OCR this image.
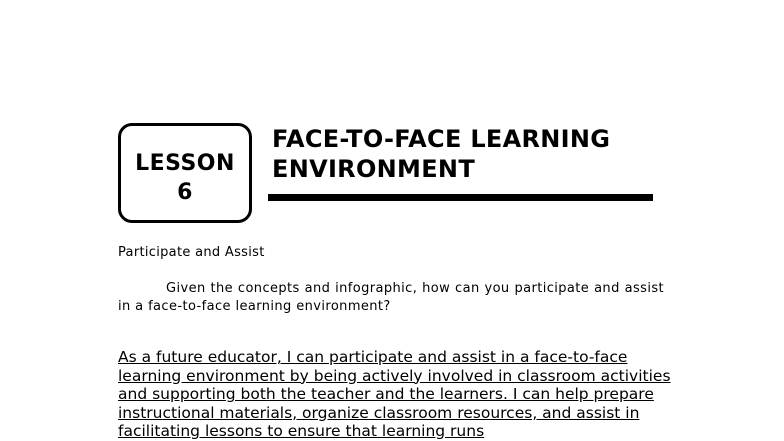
LESSON 6
FACE-TO-FACE LEARNING ENVIRONMENT
Participate and Assist
Given the concepts and infographic, how can you participate and assist in a face-to-face learning environment?
As a future educator, I can participate and assist in a face-to-face learning environment by being actively involved in classroom activities and supporting both the teacher and the learners. I can help prepare instructional materials, organize classroom resources, and assist in facilitating lessons to ensure that learning runs
